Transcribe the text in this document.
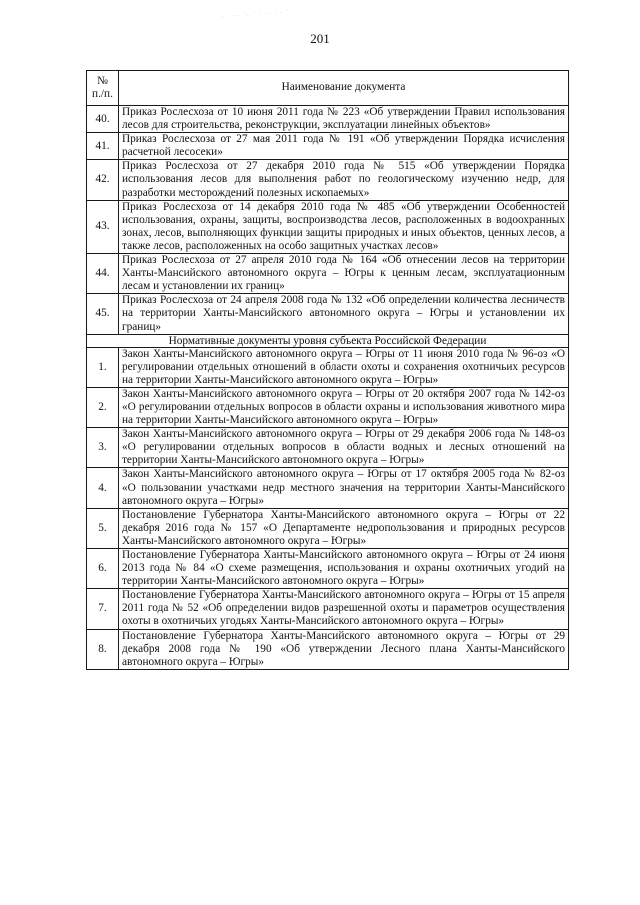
· ˙ ·· ˙· ˙ · ·· ˙ · ˙
201
№ п./п.	Наименование документа
40.	Приказ Рослесхоза от 10 июня 2011 года № 223 «Об утверждении Правил использования лесов для строительства, реконструкции, эксплуатации линейных объектов»
41.	Приказ Рослесхоза от 27 мая 2011 года № 191 «Об утверждении Порядка исчисления расчетной лесосеки»
42.	Приказ Рослесхоза от 27 декабря 2010 года № 515 «Об утверждении Порядка использования лесов для выполнения работ по геологическому изучению недр, для разработки месторождений полезных ископаемых»
43.	Приказ Рослесхоза от 14 декабря 2010 года № 485 «Об утверждении Особенностей использования, охраны, защиты, воспроизводства лесов, расположенных в водоохранных зонах, лесов, выполняющих функции защиты природных и иных объектов, ценных лесов, а также лесов, расположенных на особо защитных участках лесов»
44.	Приказ Рослесхоза от 27 апреля 2010 года № 164 «Об отнесении лесов на территории Ханты-Мансийского автономного округа – Югры к ценным лесам, эксплуатационным лесам и установлении их границ»
45.	Приказ Рослесхоза от 24 апреля 2008 года № 132 «Об определении количества лесничеств на территории Ханты-Мансийского автономного округа – Югры и установлении их границ»
Нормативные документы уровня субъекта Российской Федерации	
1.	Закон Ханты-Мансийского автономного округа – Югры от 11 июня 2010 года № 96-оз «О регулировании отдельных отношений в области охоты и сохранения охотничьих ресурсов на территории Ханты-Мансийского автономного округа – Югры»
2.	Закон Ханты-Мансийского автономного округа – Югры от 20 октября 2007 года № 142-оз «О регулировании отдельных вопросов в области охраны и использования животного мира на территории Ханты-Мансийского автономного округа – Югры»
3.	Закон Ханты-Мансийского автономного округа – Югры от 29 декабря 2006 года № 148-оз «О регулировании отдельных вопросов в области водных и лесных отношений на территории Ханты-Мансийского автономного округа – Югры»
4.	Закон Ханты-Мансийского автономного округа – Югры от 17 октября 2005 года № 82-оз «О пользовании участками недр местного значения на территории Ханты-Мансийского автономного округа – Югры»
5.	Постановление Губернатора Ханты-Мансийского автономного округа – Югры от 22 декабря 2016 года № 157 «О Департаменте недропользования и природных ресурсов Ханты-Мансийского автономного округа – Югры»
6.	Постановление Губернатора Ханты-Мансийского автономного округа – Югры от 24 июня 2013 года № 84 «О схеме размещения, использования и охраны охотничьих угодий на территории Ханты-Мансийского автономного округа – Югры»
7.	Постановление Губернатора Ханты-Мансийского автономного округа – Югры от 15 апреля 2011 года № 52 «Об определении видов разрешенной охоты и параметров осуществления охоты в охотничьих угодьях Ханты-Мансийского автономного округа – Югры»
8.	Постановление Губернатора Ханты-Мансийского автономного округа – Югры от 29 декабря 2008 года № 190 «Об утверждении Лесного плана Ханты-Мансийского автономного округа – Югры»
